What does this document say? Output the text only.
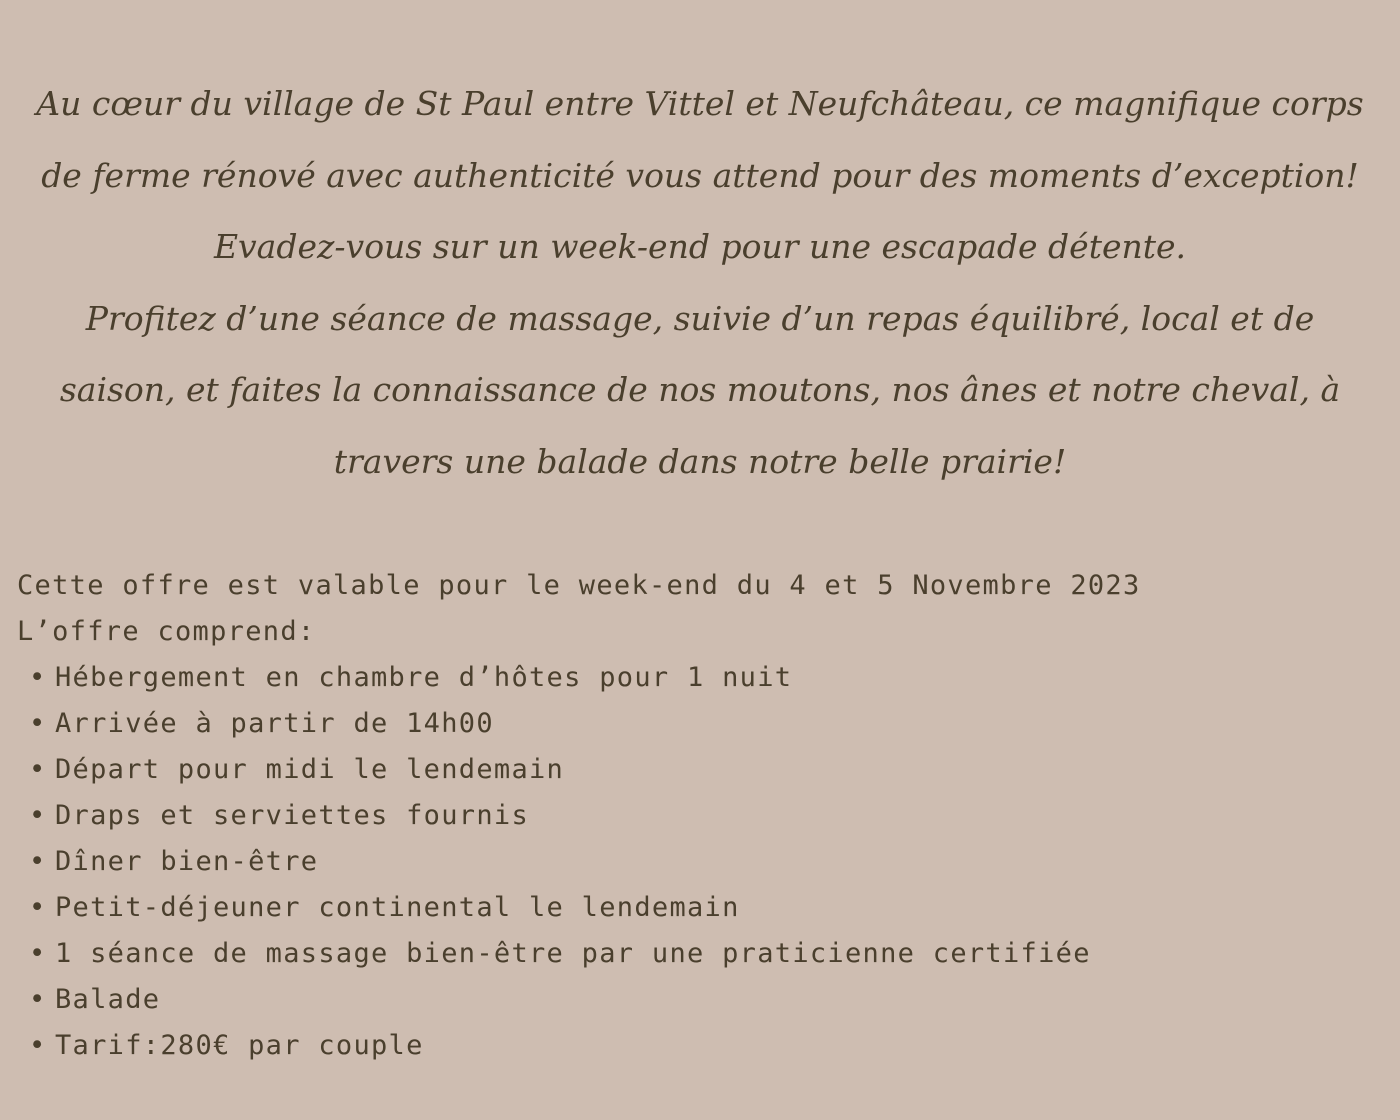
Au cœur du village de St Paul entre Vittel et Neufchâteau, ce magnifique corps

de ferme rénové avec authenticité vous attend pour des moments d’exception!

Evadez-vous sur un week-end pour une escapade détente.

Profitez d’une séance de massage, suivie d’un repas équilibré, local et de

saison, et faites la connaissance de nos moutons, nos ânes et notre cheval, à

travers une balade dans notre belle prairie!

Cette offre est valable pour le week-end du 4 et 5 Novembre 2023

L’offre comprend:

• Hébergement en chambre d’hôtes pour 1 nuit
• Arrivée à partir de 14h00
• Départ pour midi le lendemain
• Draps et serviettes fournis
• Dîner bien-être
• Petit-déjeuner continental le lendemain
• 1 séance de massage bien-être par une praticienne certifiée
• Balade
• Tarif:280€ par couple
